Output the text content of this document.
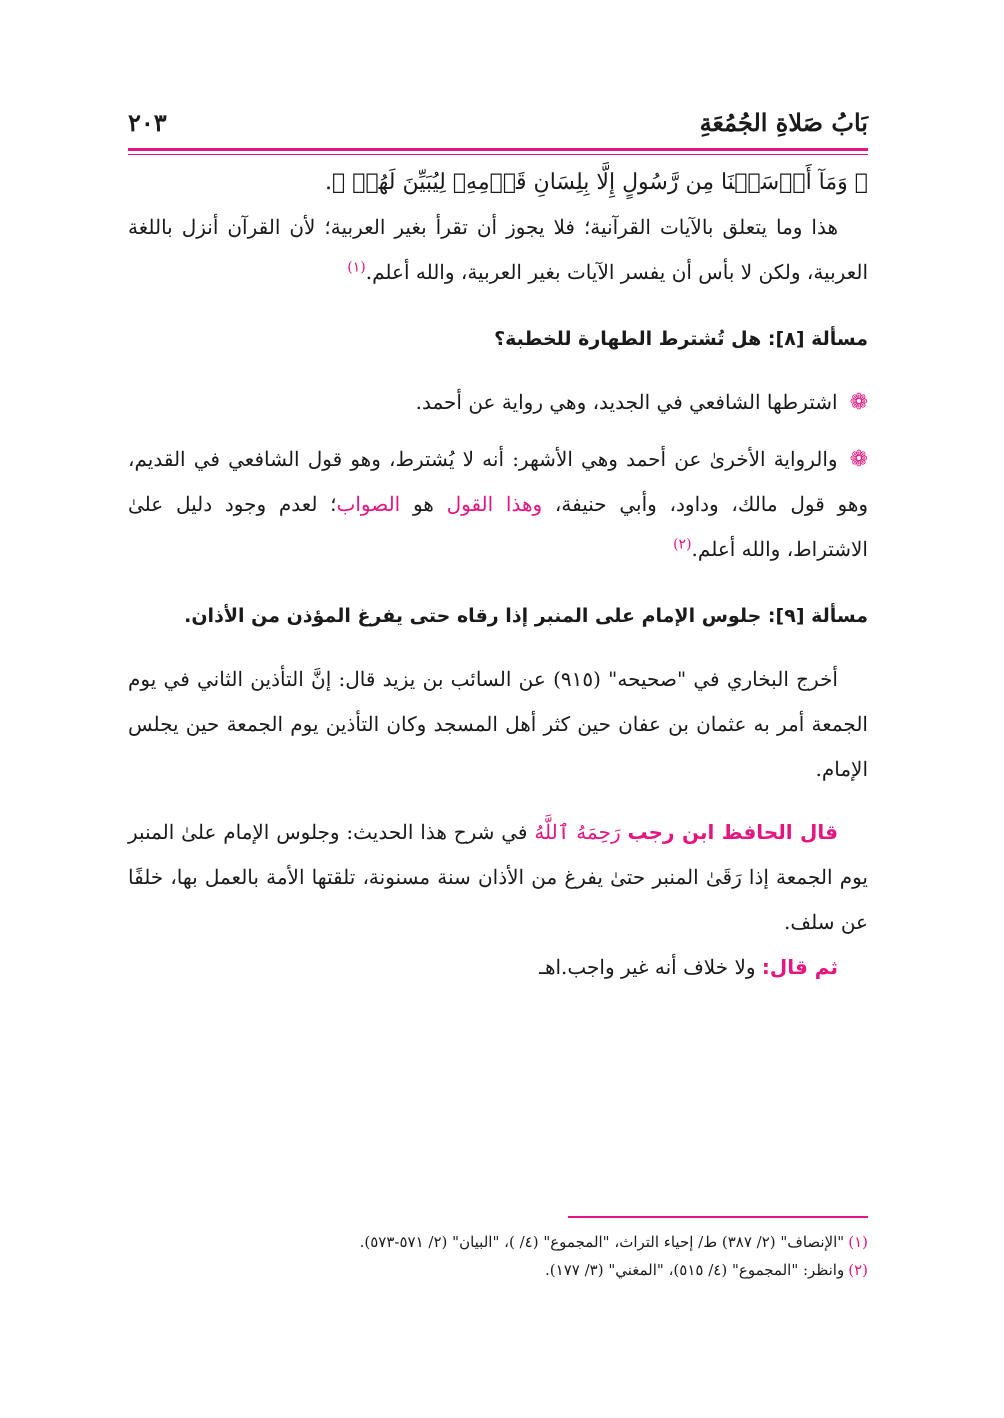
بَابُ صَلاةِ الجُمُعَةِ
٢٠٣

﴿ وَمَآ أَرۡسَلۡنَا مِن رَّسُولٍ إِلَّا بِلِسَانِ قَوۡمِهِۦ لِيُبَيِّنَ لَهُمۡ ﴾.

هذا وما يتعلق بالآيات القرآنية؛ فلا يجوز أن تقرأ بغير العربية؛ لأن القرآن أنزل باللغة العربية، ولكن لا بأس أن يفسر الآيات بغير العربية، والله أعلم.$^{(١)}$

مسألة [٨]: هل تُشترط الطهارة للخطبة؟

❁اشترطها الشافعي في الجديد، وهي رواية عن أحمد.

❁والرواية الأخرىٰ عن أحمد وهي الأشهر: أنه لا يُشترط، وهو قول الشافعي في القديم، وهو قول مالك، وداود، وأبي حنيفة، وهذا القول هو الصواب؛ لعدم وجود دليل علىٰ الاشتراط، والله أعلم.$^{(٢)}$

مسألة [٩]: جلوس الإمام على المنبر إذا رقاه حتى يفرغ المؤذن من الأذان.

أخرج البخاري في "صحيحه" (٩١٥) عن السائب بن يزيد قال: إنَّ التأذين الثاني في يوم الجمعة أمر به عثمان بن عفان حين كثر أهل المسجد وكان التأذين يوم الجمعة حين يجلس الإمام.

قال الحافظ ابن رجب رَحِمَهُ ٱللَّهُ في شرح هذا الحديث: وجلوس الإمام علىٰ المنبر يوم الجمعة إذا رَقَىٰ المنبر حتىٰ يفرغ من الأذان سنة مسنونة، تلقتها الأمة بالعمل بها، خلفًا عن سلف.

ثم قال: ولا خلاف أنه غير واجب.اهـ

(١)"الإنصاف" (٢/ ٣٨٧) ط/ إحياء التراث، "المجموع" (٤/ )، "البيان" (٢/ ٥٧١-٥٧٣).

(٢)وانظر: "المجموع" (٤/ ٥١٥)، "المغني" (٣/ ١٧٧).
